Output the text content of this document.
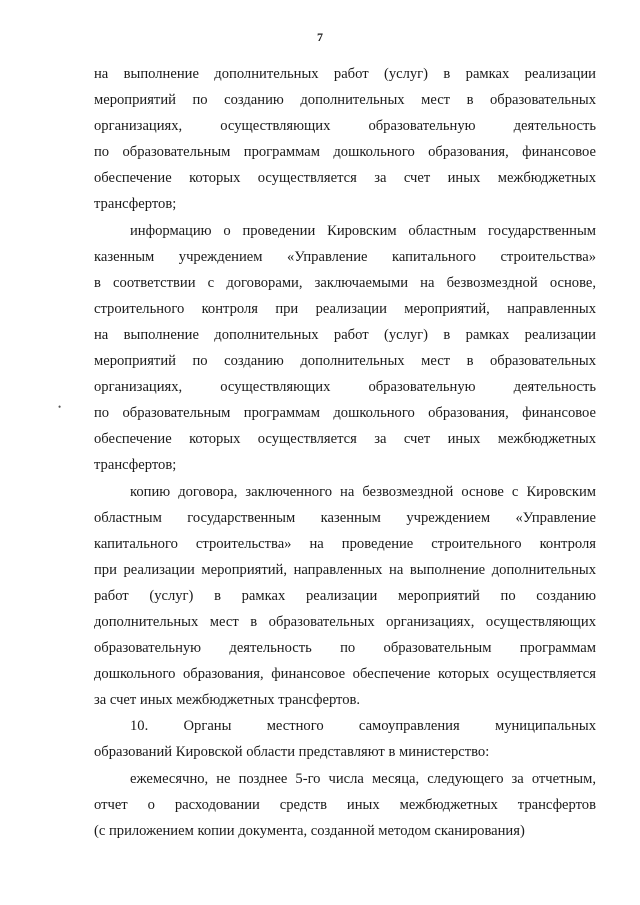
7
на выполнение дополнительных работ (услуг) в рамках реализации
мероприятий по созданию дополнительных мест в образовательных
организациях, осуществляющих образовательную деятельность
по образовательным программам дошкольного образования, финансовое
обеспечение которых осуществляется за счет иных межбюджетных
трансфертов;
информацию о проведении Кировским областным государственным
казенным учреждением «Управление капитального строительства»
в соответствии с договорами, заключаемыми на безвозмездной основе,
строительного контроля при реализации мероприятий, направленных
на выполнение дополнительных работ (услуг) в рамках реализации
мероприятий по созданию дополнительных мест в образовательных
организациях, осуществляющих образовательную деятельность
по образовательным программам дошкольного образования, финансовое
обеспечение которых осуществляется за счет иных межбюджетных
трансфертов;
копию договора, заключенного на безвозмездной основе с Кировским
областным государственным казенным учреждением «Управление
капитального строительства» на проведение строительного контроля
при реализации мероприятий, направленных на выполнение дополнительных
работ (услуг) в рамках реализации мероприятий по созданию
дополнительных мест в образовательных организациях, осуществляющих
образовательную деятельность по образовательным программам
дошкольного образования, финансовое обеспечение которых осуществляется
за счет иных межбюджетных трансфертов.
10. Органы местного самоуправления муниципальных
образований Кировской области представляют в министерство:
ежемесячно, не позднее 5-го числа месяца, следующего за отчетным,
отчет о расходовании средств иных межбюджетных трансфертов
(с приложением копии документа, созданной методом сканирования)
•
